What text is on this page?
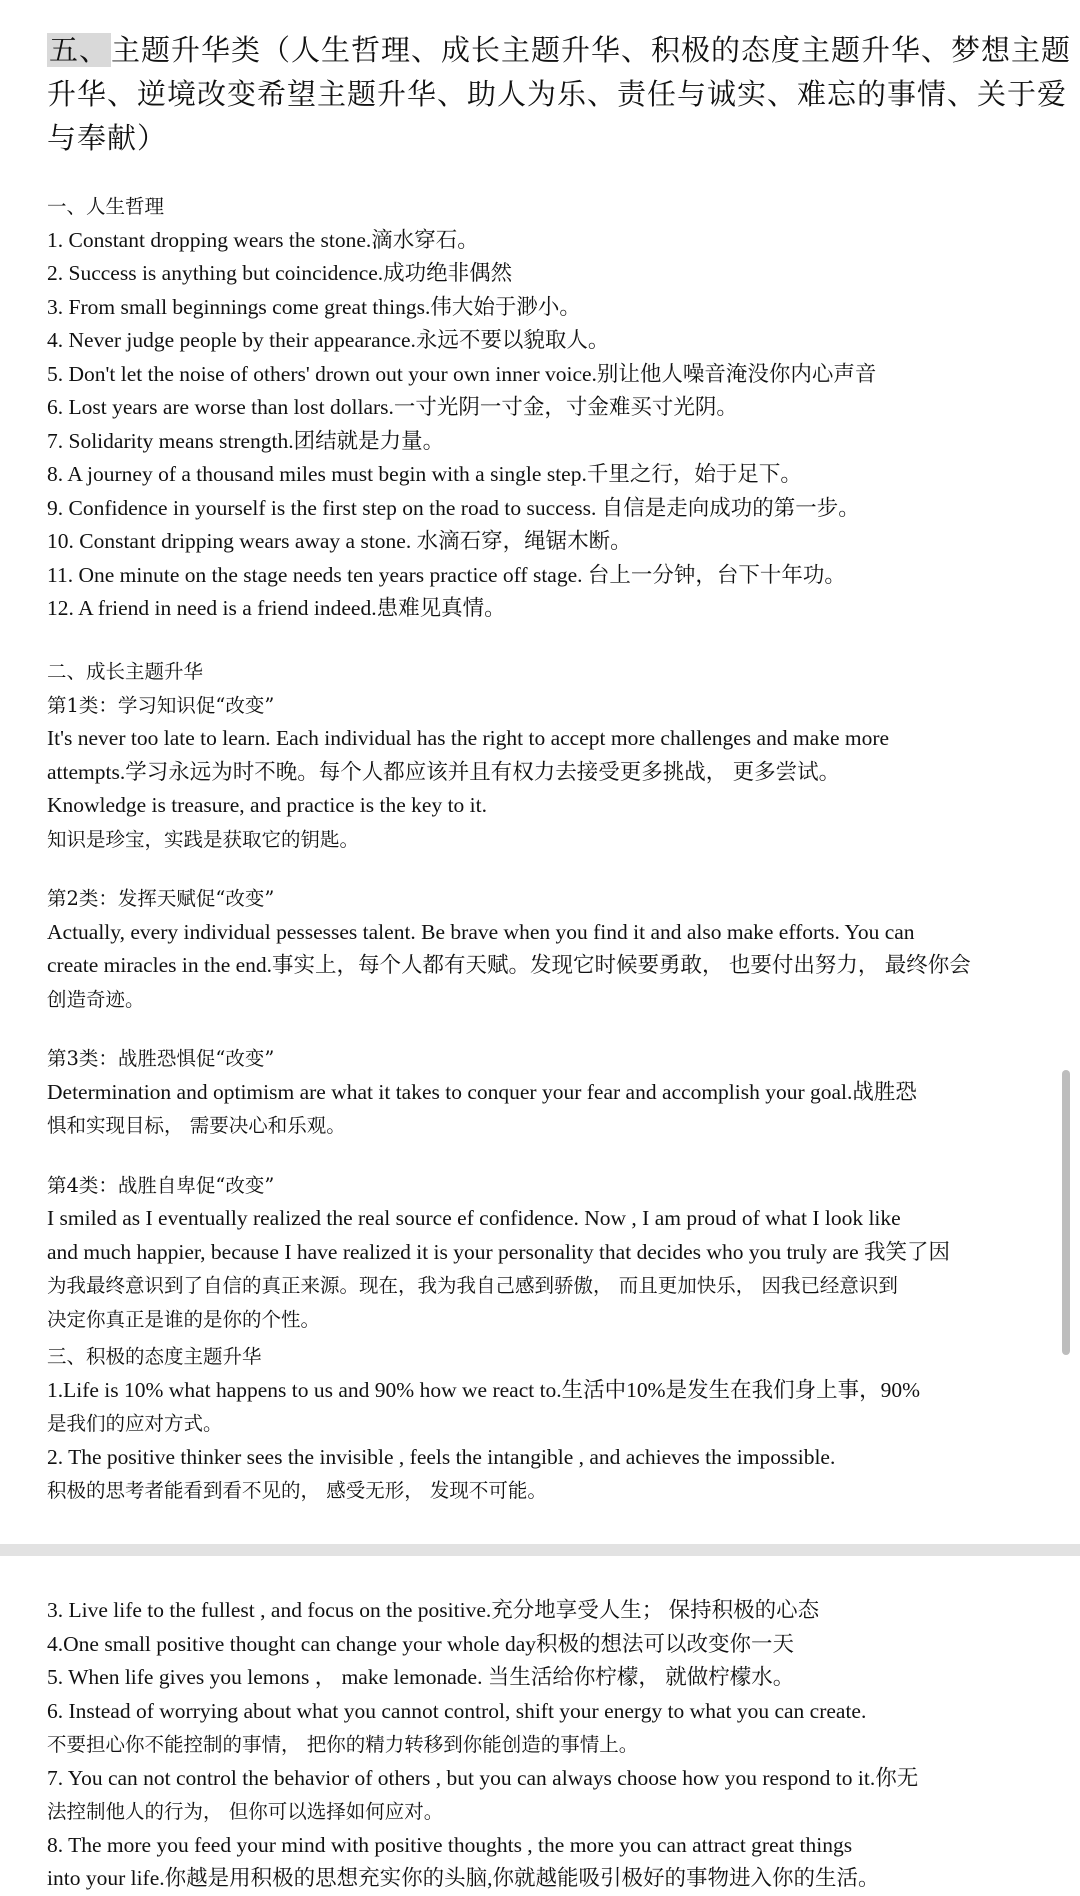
五、主题升华类（人生哲理、成长主题升华、积极的态度主题升华、梦想主题升华、逆境改变希望主题升华、助人为乐、责任与诚实、难忘的事情、关于爱与奉献）
一、人生哲理
1. Constant dropping wears the stone.滴水穿石。
2. Success is anything but coincidence.成功绝非偶然
3. From small beginnings come great things.伟大始于渺小。
4. Never judge people by their appearance.永远不要以貌取人。
5. Don't let the noise of others' drown out your own inner voice.别让他人噪音淹没你内心声音
6. Lost years are worse than lost dollars.一寸光阴一寸金，寸金难买寸光阴。
7. Solidarity means strength.团结就是力量。
8. A journey of a thousand miles must begin with a single step.千里之行，始于足下。
9. Confidence in yourself is the first step on the road to success. 自信是走向成功的第一步。
10. Constant dripping wears away a stone. 水滴石穿，绳锯木断。
11. One minute on the stage needs ten years practice off stage. 台上一分钟，台下十年功。
12. A friend in need is a friend indeed.患难见真情。
二、成长主题升华
第1类：学习知识促“改变”
It's never too late to learn. Each individual has the right to accept more challenges and make more
attempts.学习永远为时不晚。每个人都应该并且有权力去接受更多挑战， 更多尝试。
Knowledge is treasure, and practice is the key to it.
知识是珍宝，实践是获取它的钥匙。
第2类：发挥天赋促“改变”
Actually, every individual pessesses talent. Be brave when you find it and also make efforts. You can
create miracles in the end.事实上，每个人都有天赋。发现它时候要勇敢， 也要付出努力， 最终你会
创造奇迹。
第3类：战胜恐惧促“改变”
Determination and optimism are what it takes to conquer your fear and accomplish your goal.战胜恐
惧和实现目标， 需要决心和乐观。
第4类：战胜自卑促“改变”
I smiled as I eventually realized the real source ef confidence. Now , I am proud of what I look like
and much happier, because I have realized it is your personality that decides who you truly are 我笑了因
为我最终意识到了自信的真正来源。现在，我为我自己感到骄傲， 而且更加快乐， 因我已经意识到
决定你真正是谁的是你的个性。
三、积极的态度主题升华
1.Life is 10% what happens to us and 90% how we react to.生活中10%是发生在我们身上事，90%
是我们的应对方式。
2. The positive thinker sees the invisible , feels the intangible , and achieves the impossible.
积极的思考者能看到看不见的， 感受无形， 发现不可能。
3. Live life to the fullest , and focus on the positive.充分地享受人生； 保持积极的心态
4.One small positive thought can change your whole day积极的想法可以改变你一天
5. When life gives you lemons ， make lemonade. 当生活给你柠檬， 就做柠檬水。
6. Instead of worrying about what you cannot control, shift your energy to what you can create.
不要担心你不能控制的事情， 把你的精力转移到你能创造的事情上。
7. You can not control the behavior of others , but you can always choose how you respond to it.你无
法控制他人的行为， 但你可以选择如何应对。
8. The more you feed your mind with positive thoughts , the more you can attract great things
into your life.你越是用积极的思想充实你的头脑,你就越能吸引极好的事物进入你的生活。
